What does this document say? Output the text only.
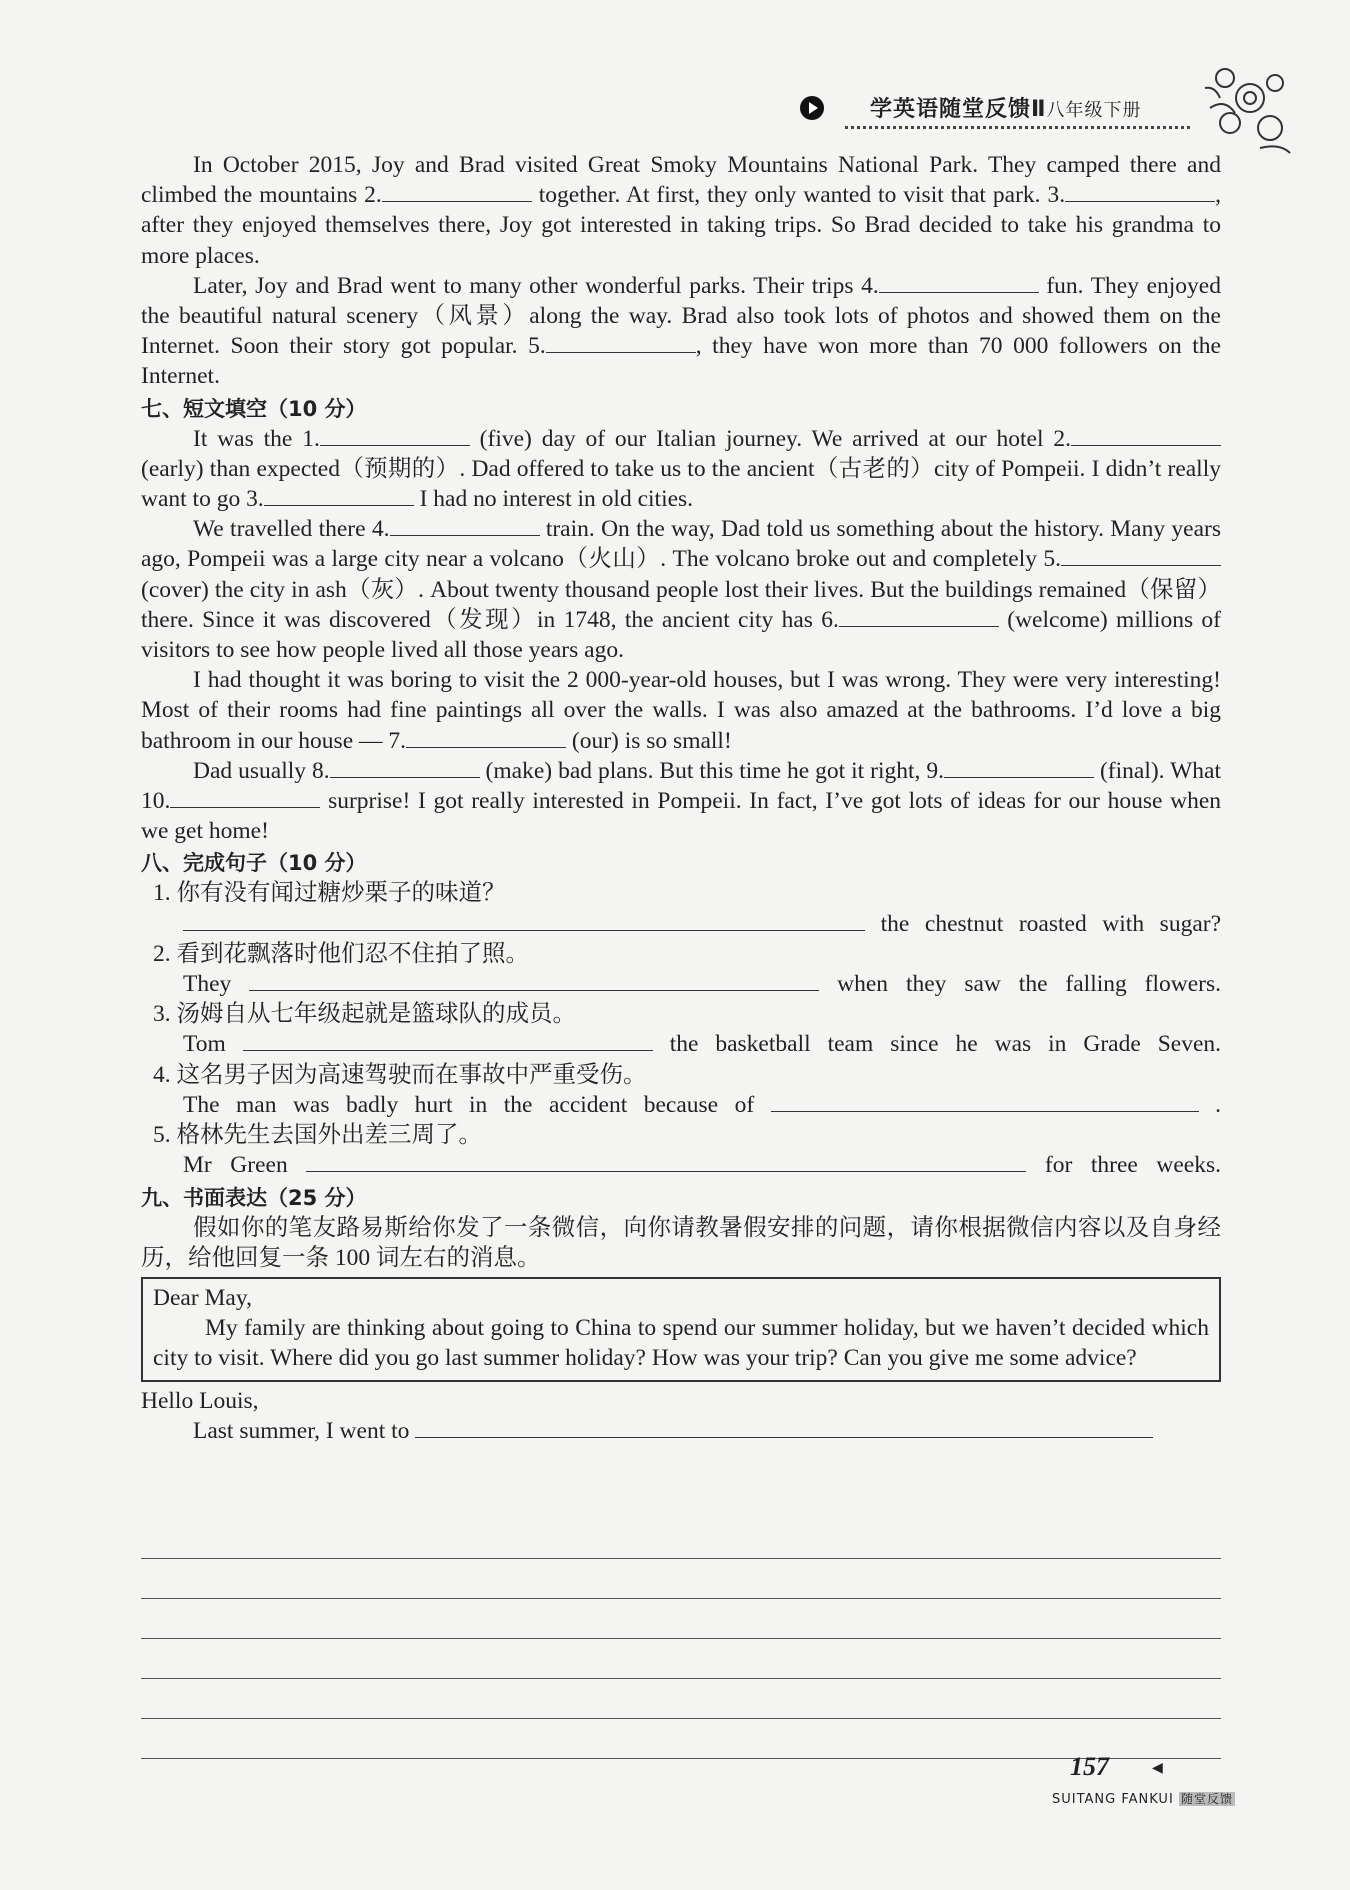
学英语随堂反馈Ⅱ八年级下册

In October 2015, Joy and Brad visited Great Smoky Mountains National Park. They camped there and climbed the mountains 2.	together. At first, they only wanted to visit that park. 3.	, after they enjoyed themselves there, Joy got interested in taking trips. So Brad decided to take his grandma to more places.

Later, Joy and Brad went to many other wonderful parks. Their trips 4.	fun. They enjoyed the beautiful natural scenery（风景）along the way. Brad also took lots of photos and showed them on the Internet. Soon their story got popular. 5.	, they have won more than 70 000 followers on the Internet.

七、短文填空（10 分）

It was the 1.	(five) day of our Italian journey. We arrived at our hotel 2. (early) than expected（预期的）. Dad offered to take us to the ancient（古老的）city of Pompeii. I didn’t really want to go 3.	I had no interest in old cities.

We travelled there 4.	train. On the way, Dad told us something about the history. Many years ago, Pompeii was a large city near a volcano（火山）. The volcano broke out and completely 5. (cover) the city in ash（灰）. About twenty thousand people lost their lives. But the buildings remained（保留）there. Since it was discovered（发现）in 1748, the ancient city has 6.	(welcome) millions of visitors to see how people lived all those years ago.

I had thought it was boring to visit the 2 000-year-old houses, but I was wrong. They were very interesting! Most of their rooms had fine paintings all over the walls. I was also amazed at the bathrooms. I’d love a big bathroom in our house — 7.	(our) is so small!

Dad usually 8.	(make) bad plans. But this time he got it right, 9.	(final). What 10.	surprise! I got really interested in Pompeii. In fact, I’ve got lots of ideas for our house when we get home!

八、完成句子（10 分）

1. 你有没有闻过糖炒栗子的味道？

the chestnut roasted with sugar?

2. 看到花飘落时他们忍不住拍了照。

They	when they saw the falling flowers.

3. 汤姆自从七年级起就是篮球队的成员。

Tom	the basketball team since he was in Grade Seven.

4. 这名男子因为高速驾驶而在事故中严重受伤。

The man was badly hurt in the accident because of	.

5. 格林先生去国外出差三周了。

Mr Green	for three weeks.

九、书面表达（25 分）

假如你的笔友路易斯给你发了一条微信，向你请教暑假安排的问题，请你根据微信内容以及自身经历，给他回复一条 100 词左右的消息。

Dear May,

My family are thinking about going to China to spend our summer holiday, but we haven’t decided which city to visit. Where did you go last summer holiday? How was your trip? Can you give me some advice?

Hello Louis,

Last summer, I went to

157	◀
SUITANG FANKUI 随堂反馈
